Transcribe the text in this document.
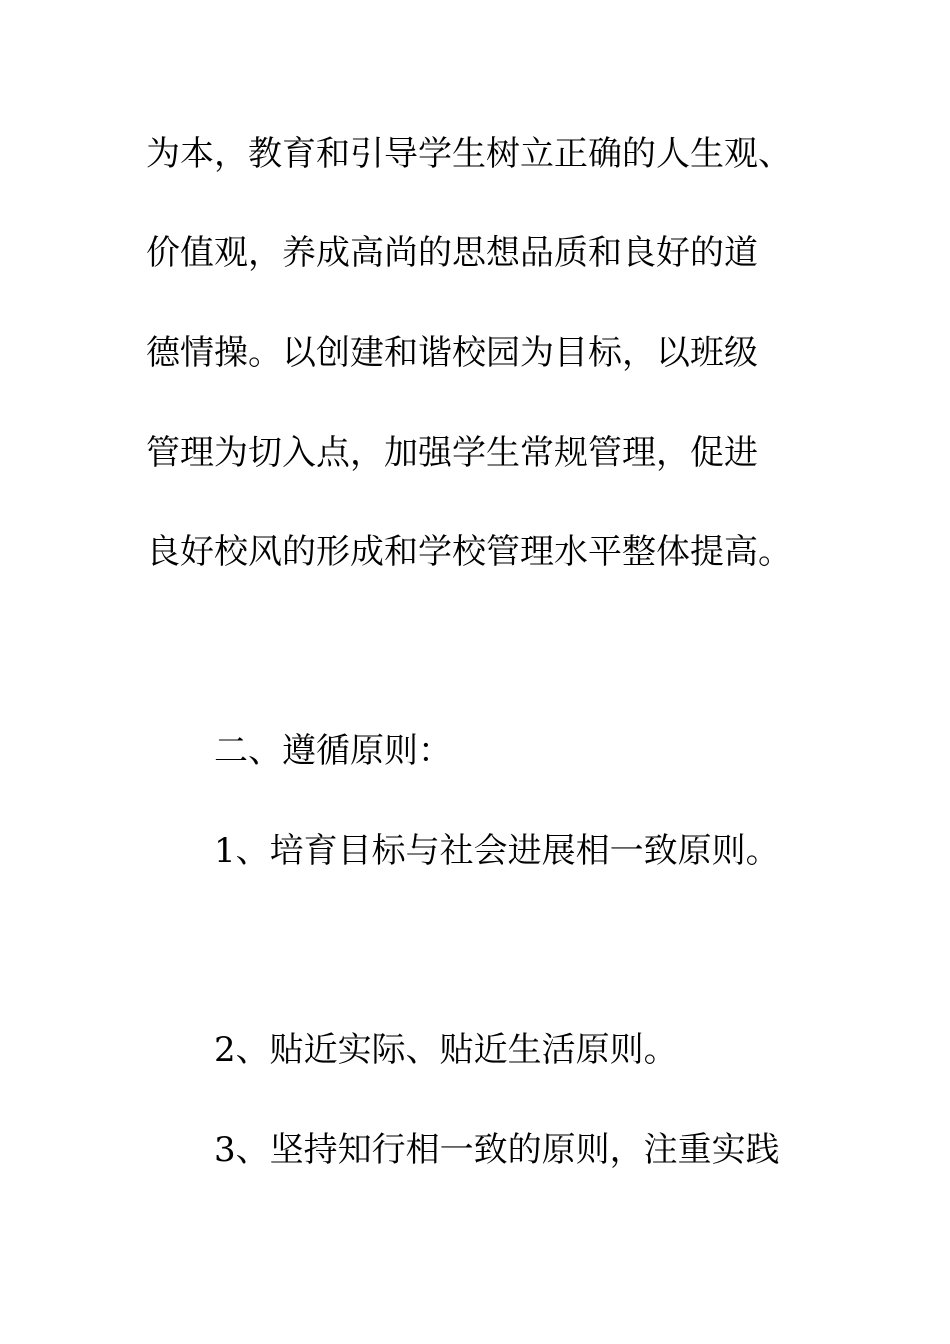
为本，教育和引导学生树立正确的人生观、
价值观，养成高尚的思想品质和良好的道
德情操。以创建和谐校园为目标，以班级
管理为切入点，加强学生常规管理，促进
良好校风的形成和学校管理水平整体提高。
二、遵循原则：
1、培育目标与社会进展相一致原则。
2、贴近实际、贴近生活原则。
3、坚持知行相一致的原则，注重实践
